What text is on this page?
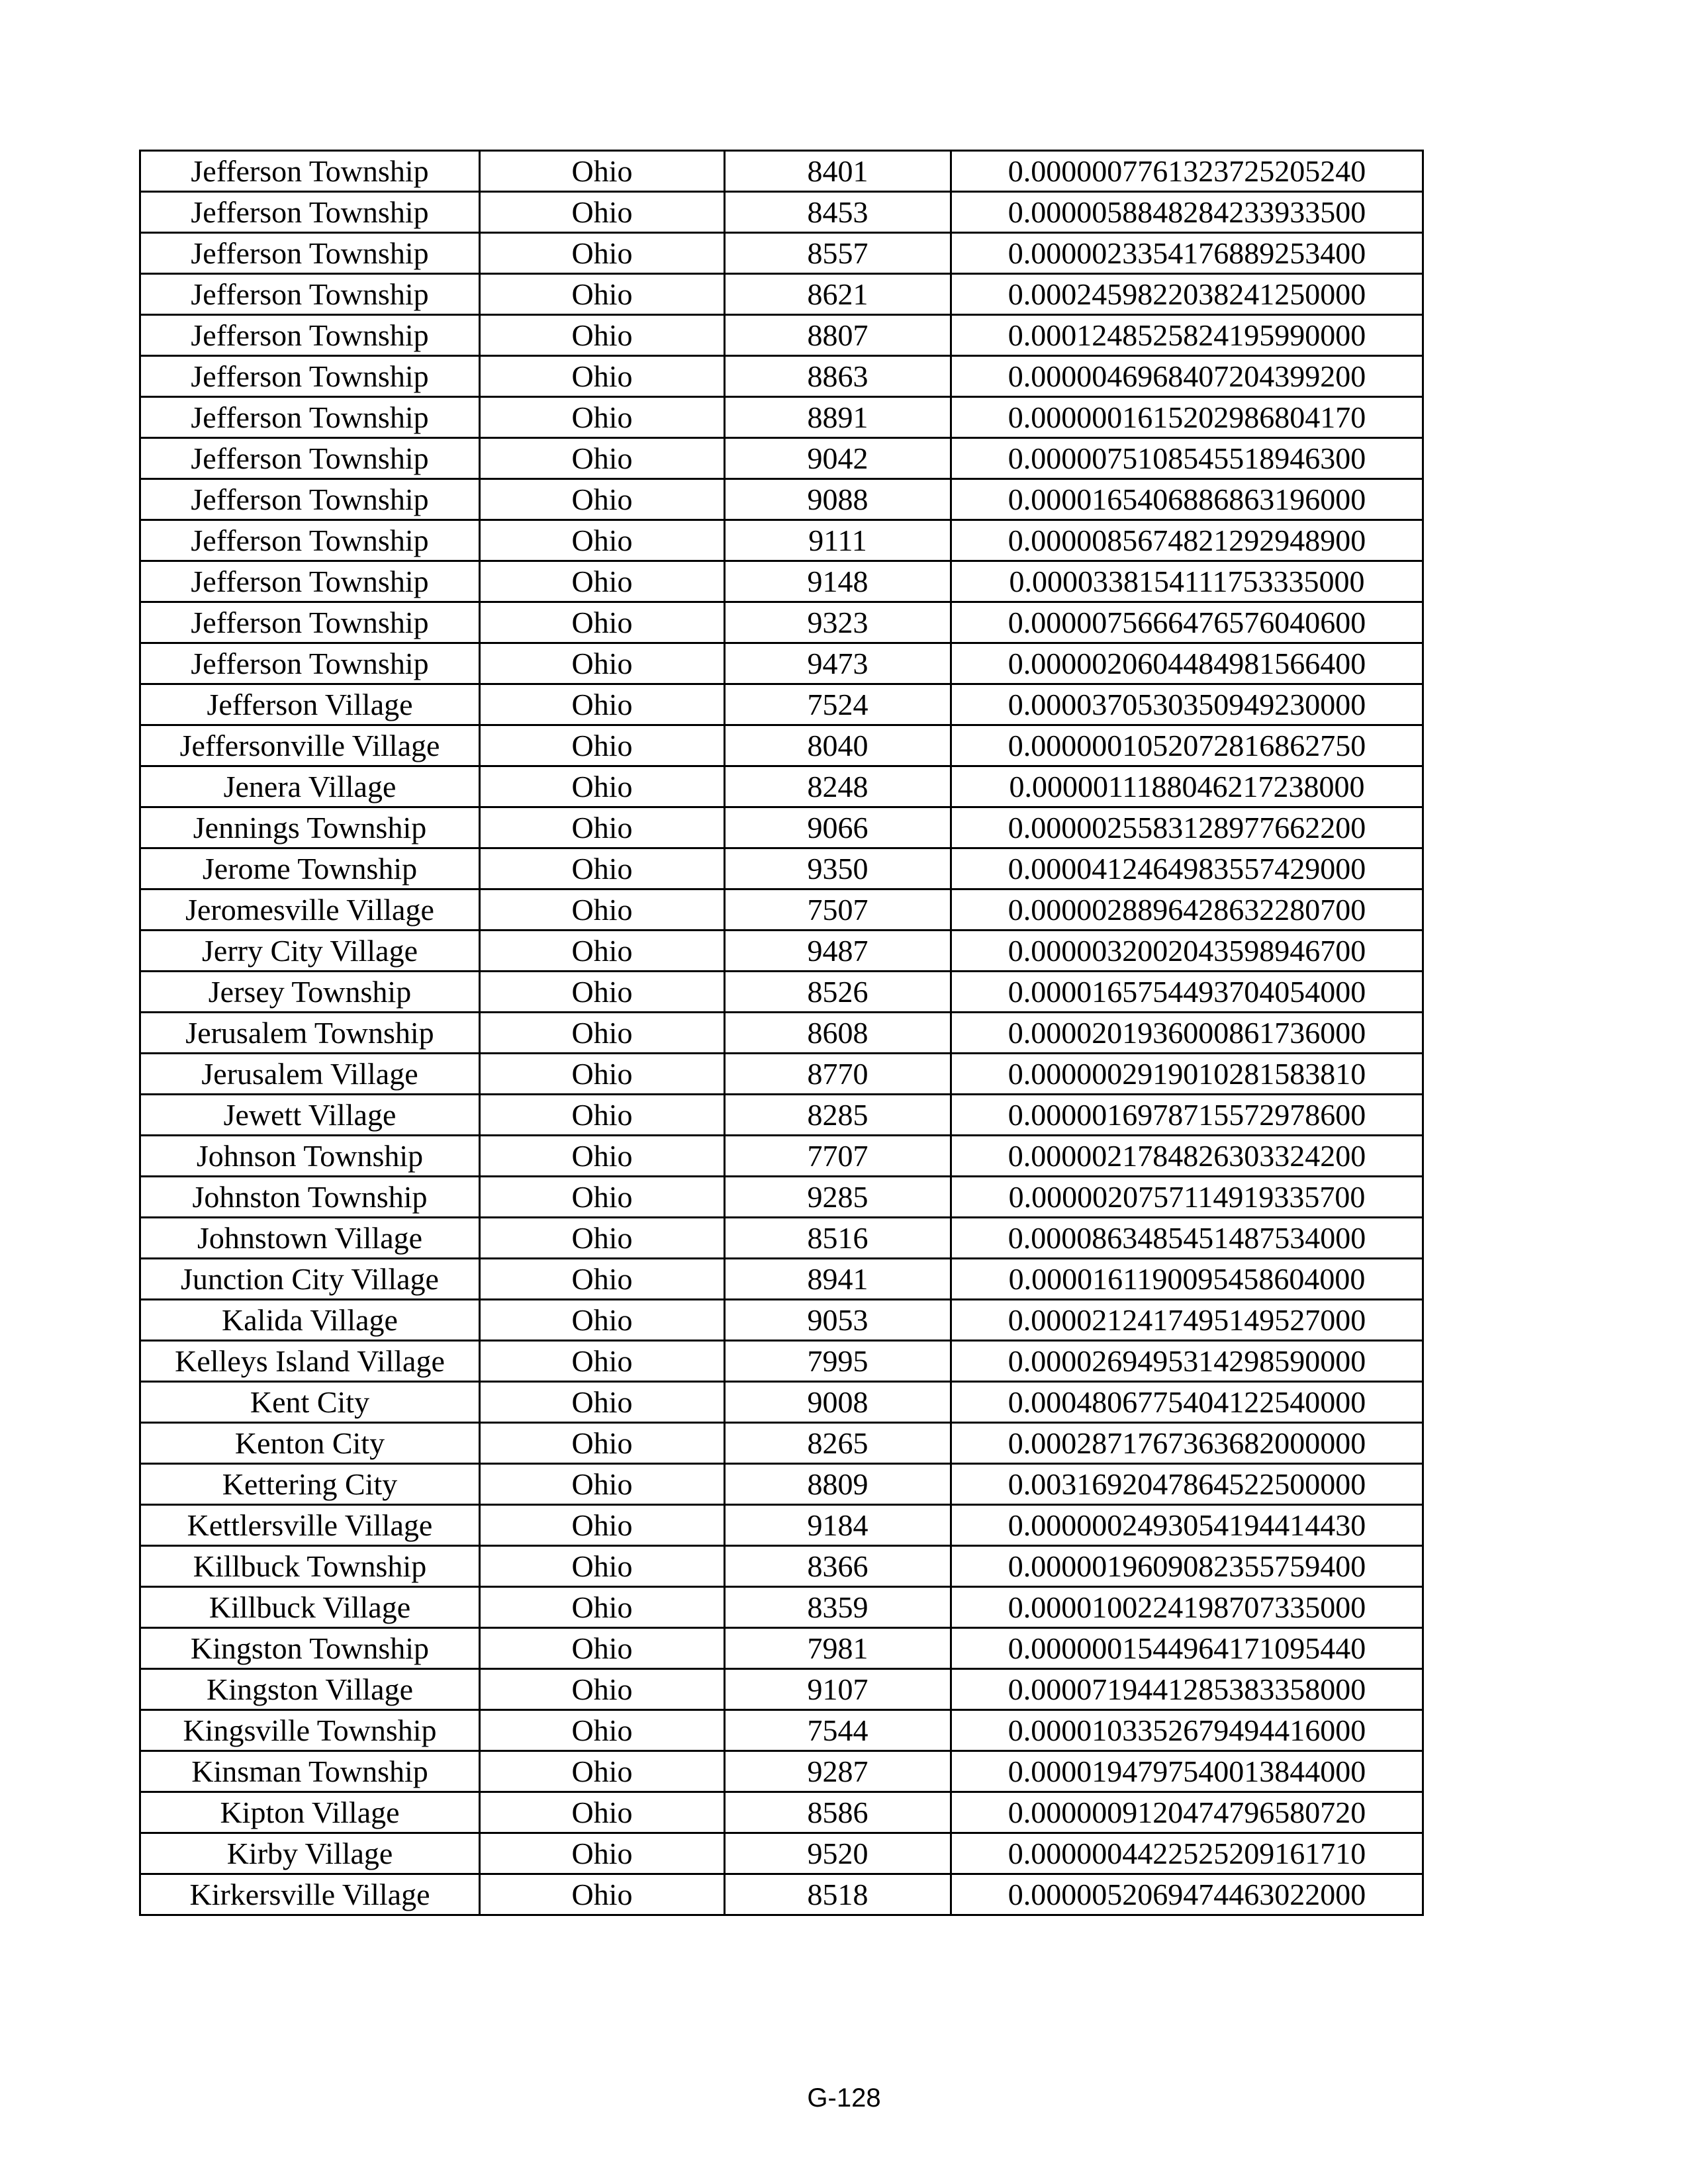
Jefferson Township	Ohio	8401	0.0000007761323725205240
Jefferson Township	Ohio	8453	0.0000058848284233933500
Jefferson Township	Ohio	8557	0.0000023354176889253400
Jefferson Township	Ohio	8621	0.0002459822038241250000
Jefferson Township	Ohio	8807	0.0001248525824195990000
Jefferson Township	Ohio	8863	0.0000046968407204399200
Jefferson Township	Ohio	8891	0.0000001615202986804170
Jefferson Township	Ohio	9042	0.0000075108545518946300
Jefferson Township	Ohio	9088	0.0000165406886863196000
Jefferson Township	Ohio	9111	0.0000085674821292948900
Jefferson Township	Ohio	9148	0.0000338154111753335000
Jefferson Township	Ohio	9323	0.0000075666476576040600
Jefferson Township	Ohio	9473	0.0000020604484981566400
Jefferson Village	Ohio	7524	0.0000370530350949230000
Jeffersonville Village	Ohio	8040	0.0000001052072816862750
Jenera Village	Ohio	8248	0.0000011188046217238000
Jennings Township	Ohio	9066	0.0000025583128977662200
Jerome Township	Ohio	9350	0.0000412464983557429000
Jeromesville Village	Ohio	7507	0.0000028896428632280700
Jerry City Village	Ohio	9487	0.0000032002043598946700
Jersey Township	Ohio	8526	0.0000165754493704054000
Jerusalem Township	Ohio	8608	0.0000201936000861736000
Jerusalem Village	Ohio	8770	0.0000002919010281583810
Jewett Village	Ohio	8285	0.0000016978715572978600
Johnson Township	Ohio	7707	0.0000021784826303324200
Johnston Township	Ohio	9285	0.0000020757114919335700
Johnstown Village	Ohio	8516	0.0000863485451487534000
Junction City Village	Ohio	8941	0.0000161190095458604000
Kalida Village	Ohio	9053	0.0000212417495149527000
Kelleys Island Village	Ohio	7995	0.0000269495314298590000
Kent City	Ohio	9008	0.0004806775404122540000
Kenton City	Ohio	8265	0.0002871767363682000000
Kettering City	Ohio	8809	0.0031692047864522500000
Kettlersville Village	Ohio	9184	0.0000002493054194414430
Killbuck Township	Ohio	8366	0.0000019609082355759400
Killbuck Village	Ohio	8359	0.0000100224198707335000
Kingston Township	Ohio	7981	0.0000001544964171095440
Kingston Village	Ohio	9107	0.0000719441285383358000
Kingsville Township	Ohio	7544	0.0000103352679494416000
Kinsman Township	Ohio	9287	0.0000194797540013844000
Kipton Village	Ohio	8586	0.0000009120474796580720
Kirby Village	Ohio	9520	0.0000004422525209161710
Kirkersville Village	Ohio	8518	0.0000052069474463022000
G-128
